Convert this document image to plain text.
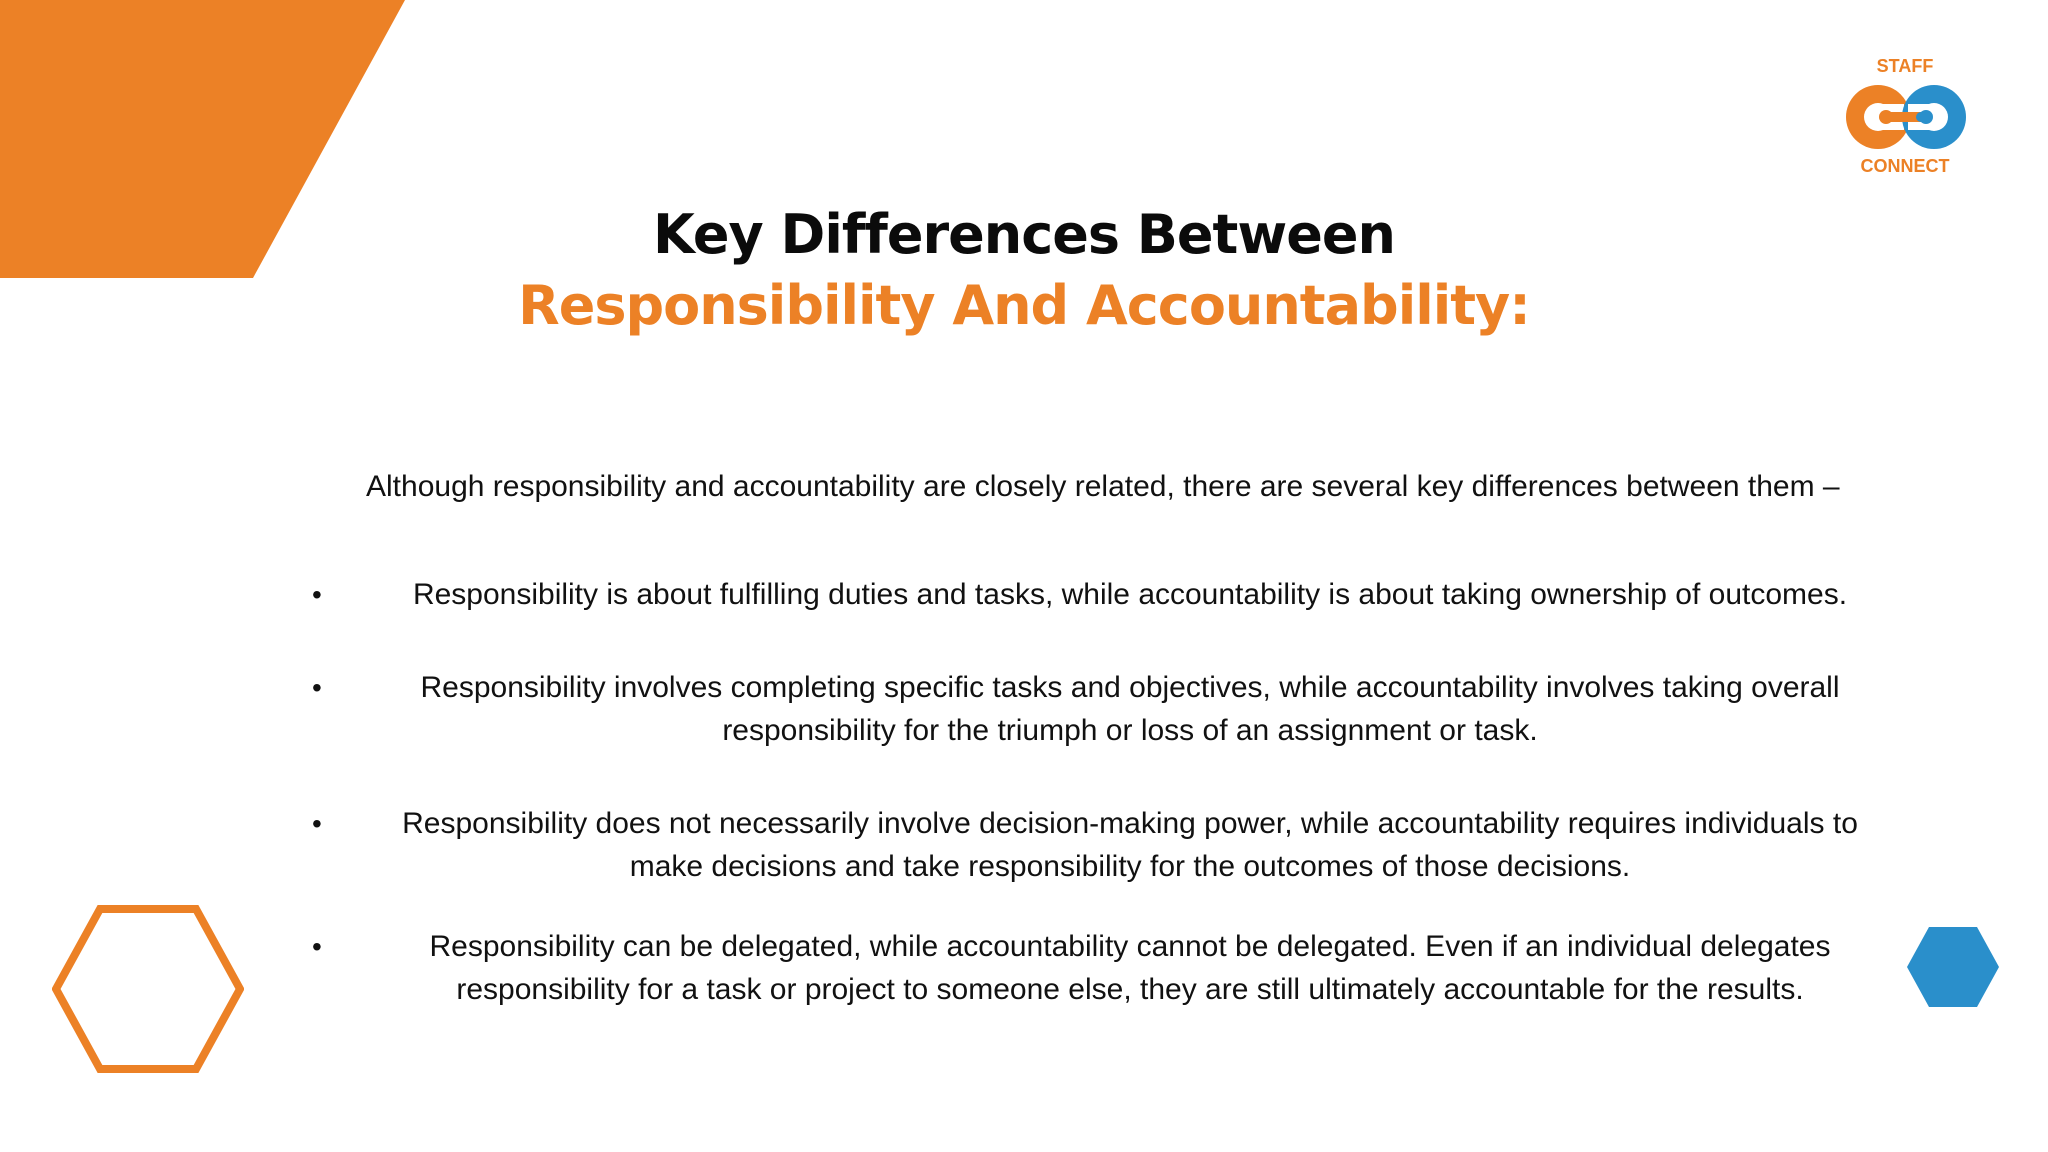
STAFF
CONNECT
Key Differences Between
Responsibility And Accountability:
Although responsibility and accountability are closely related, there are several key differences between them –
•	Responsibility is about fulfilling duties and tasks, while accountability is about taking ownership of outcomes.
•	Responsibility involves completing specific tasks and objectives, while accountability involves taking overall responsibility for the triumph or loss of an assignment or task.
•	Responsibility does not necessarily involve decision-making power, while accountability requires individuals to make decisions and take responsibility for the outcomes of those decisions.
•	Responsibility can be delegated, while accountability cannot be delegated. Even if an individual delegates responsibility for a task or project to someone else, they are still ultimately accountable for the results.
